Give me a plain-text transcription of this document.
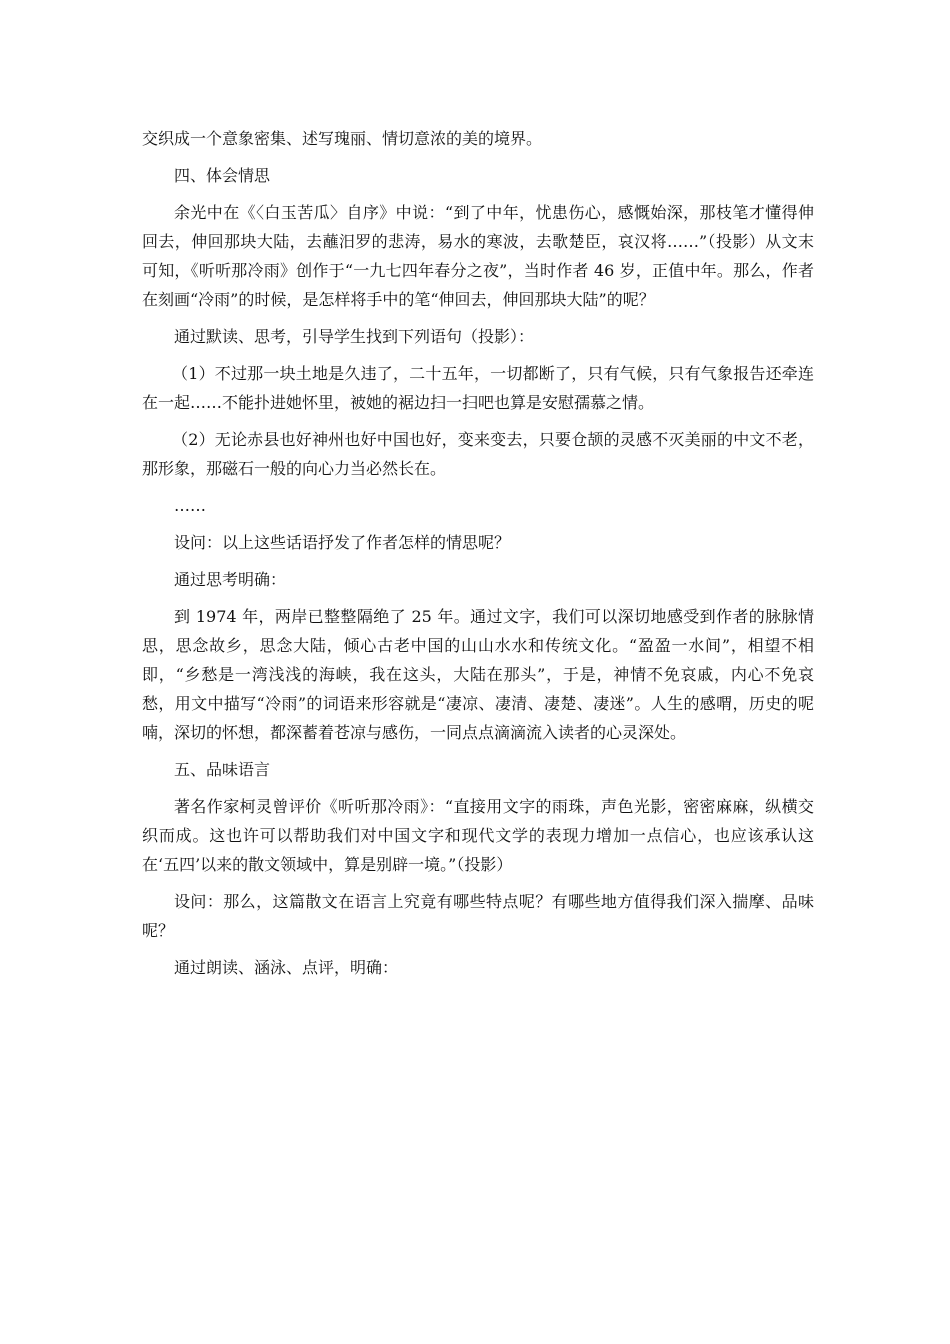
交织成一个意象密集、述写瑰丽、情切意浓的美的境界。

四、体会情思

余光中在《〈白玉苦瓜〉自序》中说：“到了中年，忧患伤心，感慨始深，那枝笔才懂得伸回去，伸回那块大陆，去蘸汨罗的悲涛，易水的寒波，去歌楚臣，哀汉将……”（投影）从文末可知，《听听那冷雨》创作于“一九七四年春分之夜”，当时作者 46 岁，正值中年。那么，作者在刻画“冷雨”的时候，是怎样将手中的笔“伸回去，伸回那块大陆”的呢？

通过默读、思考，引导学生找到下列语句（投影）：

（1）不过那一块土地是久违了，二十五年，一切都断了，只有气候，只有气象报告还牵连在一起……不能扑进她怀里，被她的裾边扫一扫吧也算是安慰孺慕之情。

（2）无论赤县也好神州也好中国也好，变来变去，只要仓颉的灵感不灭美丽的中文不老，那形象，那磁石一般的向心力当必然长在。

……

设问：以上这些话语抒发了作者怎样的情思呢？

通过思考明确：

到 1974 年，两岸已整整隔绝了 25 年。通过文字，我们可以深切地感受到作者的脉脉情思，思念故乡，思念大陆，倾心古老中国的山山水水和传统文化。“盈盈一水间”，相望不相即，“乡愁是一湾浅浅的海峡，我在这头，大陆在那头”，于是，神情不免哀戚，内心不免哀愁，用文中描写“冷雨”的词语来形容就是“凄凉、凄清、凄楚、凄迷”。人生的感喟，历史的呢喃，深切的怀想，都深蓄着苍凉与感伤，一同点点滴滴流入读者的心灵深处。

五、品味语言

著名作家柯灵曾评价《听听那冷雨》：“直接用文字的雨珠，声色光影，密密麻麻，纵横交织而成。这也许可以帮助我们对中国文字和现代文学的表现力增加一点信心，也应该承认这在‘五四’以来的散文领域中，算是别辟一境。”（投影）

设问：那么，这篇散文在语言上究竟有哪些特点呢？有哪些地方值得我们深入揣摩、品味呢？

通过朗读、涵泳、点评，明确：
